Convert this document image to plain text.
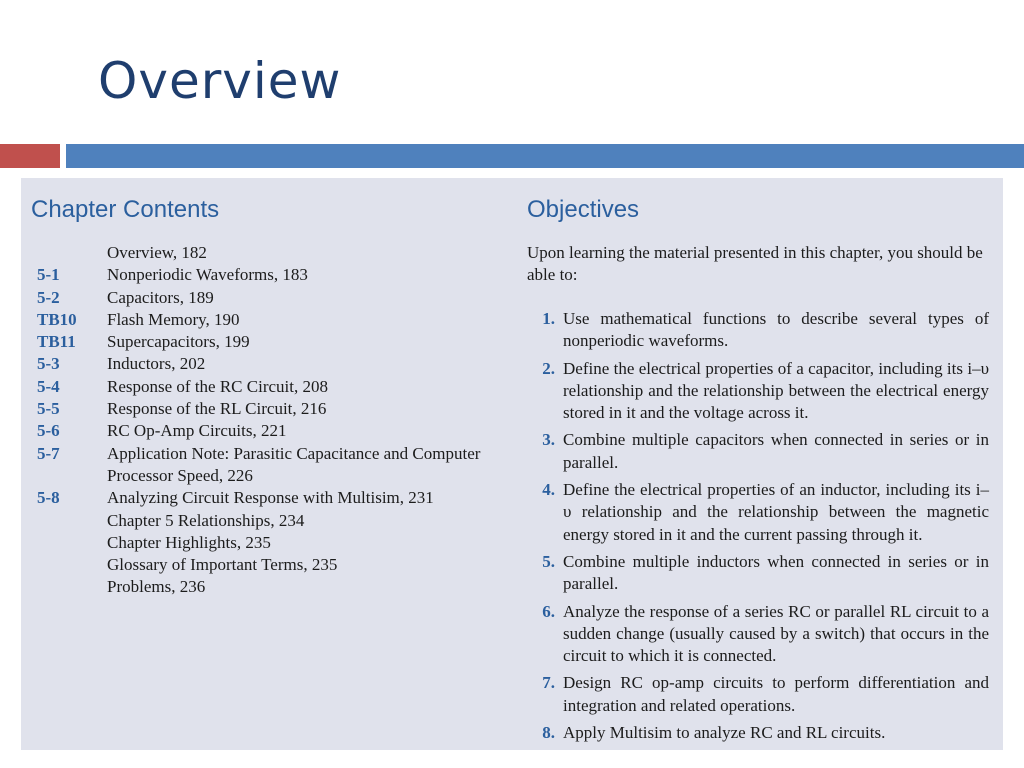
Overview
Chapter Contents
Overview, 182
5-1	Nonperiodic Waveforms, 183
5-2	Capacitors, 189
TB10	Flash Memory, 190
TB11	Supercapacitors, 199
5-3	Inductors, 202
5-4	Response of the RC Circuit, 208
5-5	Response of the RL Circuit, 216
5-6	RC Op-Amp Circuits, 221
5-7	Application Note: Parasitic Capacitance and Computer Processor Speed, 226
5-8	Analyzing Circuit Response with Multisim, 231
Chapter 5 Relationships, 234
Chapter Highlights, 235
Glossary of Important Terms, 235
Problems, 236
Objectives

Upon learning the material presented in this chapter, you should be able to:

1. Use mathematical functions to describe several types of nonperiodic waveforms.
2. Define the electrical properties of a capacitor, including its i–υ relationship and the relationship between the electrical energy stored in it and the voltage across it.
3. Combine multiple capacitors when connected in series or in parallel.
4. Define the electrical properties of an inductor, including its i–υ relationship and the relationship between the magnetic energy stored in it and the current passing through it.
5. Combine multiple inductors when connected in series or in parallel.
6. Analyze the response of a series RC or parallel RL circuit to a sudden change (usually caused by a switch) that occurs in the circuit to which it is connected.
7. Design RC op-amp circuits to perform differentiation and integration and related operations.
8. Apply Multisim to analyze RC and RL circuits.
